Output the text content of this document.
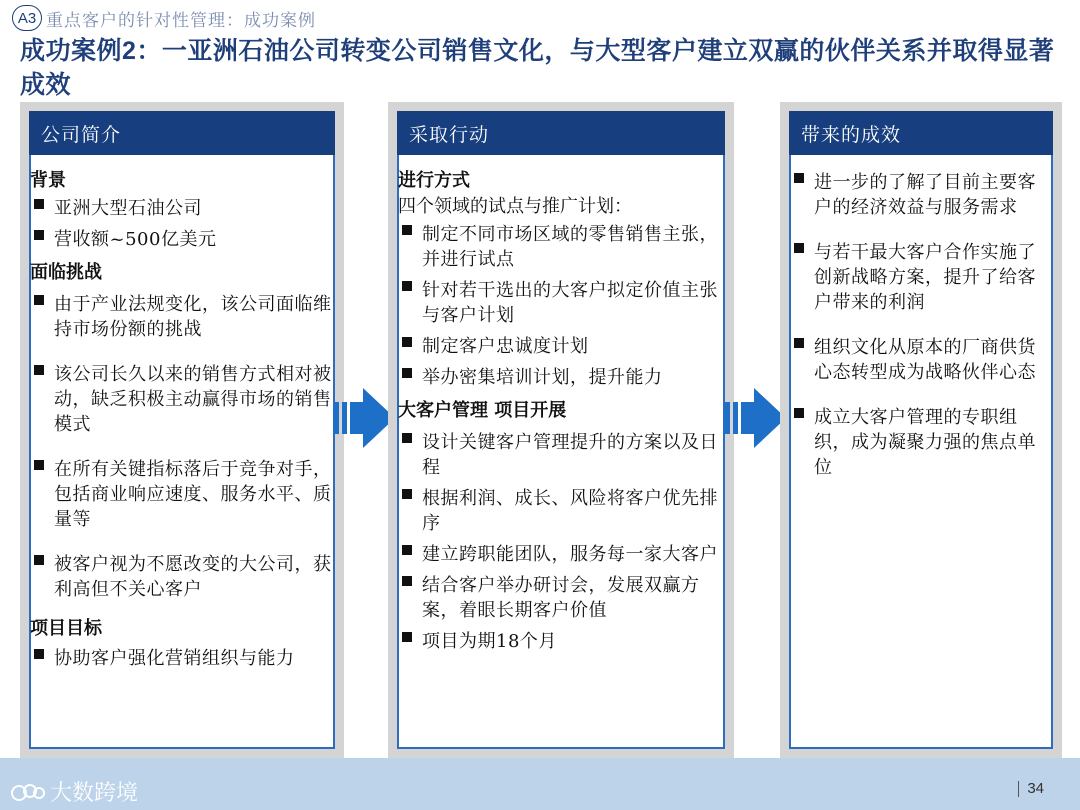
A3 重点客户的针对性管理：成功案例
成功案例2：一亚洲石油公司转变公司销售文化，与大型客户建立双赢的伙伴关系并取得显著成效
公司简介
背景
亚洲大型石油公司
营收额~500亿美元
面临挑战
由于产业法规变化，该公司面临维持市场份额的挑战
该公司长久以来的销售方式相对被动，缺乏积极主动赢得市场的销售模式
在所有关键指标落后于竞争对手，包括商业响应速度、服务水平、质量等
被客户视为不愿改变的大公司，获利高但不关心客户
项目目标
协助客户强化营销组织与能力
采取行动
进行方式
四个领域的试点与推广计划：
制定不同市场区域的零售销售主张，并进行试点
针对若干选出的大客户拟定价值主张与客户计划
制定客户忠诚度计划
举办密集培训计划，提升能力
大客户管理 项目开展
设计关键客户管理提升的方案以及日程
根据利润、成长、风险将客户优先排序
建立跨职能团队，服务每一家大客户
结合客户举办研讨会，发展双赢方案，着眼长期客户价值
项目为期18个月
带来的成效
进一步的了解了目前主要客户的经济效益与服务需求
与若干最大客户合作实施了创新战略方案，提升了给客户带来的利润
组织文化从原本的厂商供货心态转型成为战略伙伴心态
成立大客户管理的专职组织，成为凝聚力强的焦点单位
大数跨境	34
